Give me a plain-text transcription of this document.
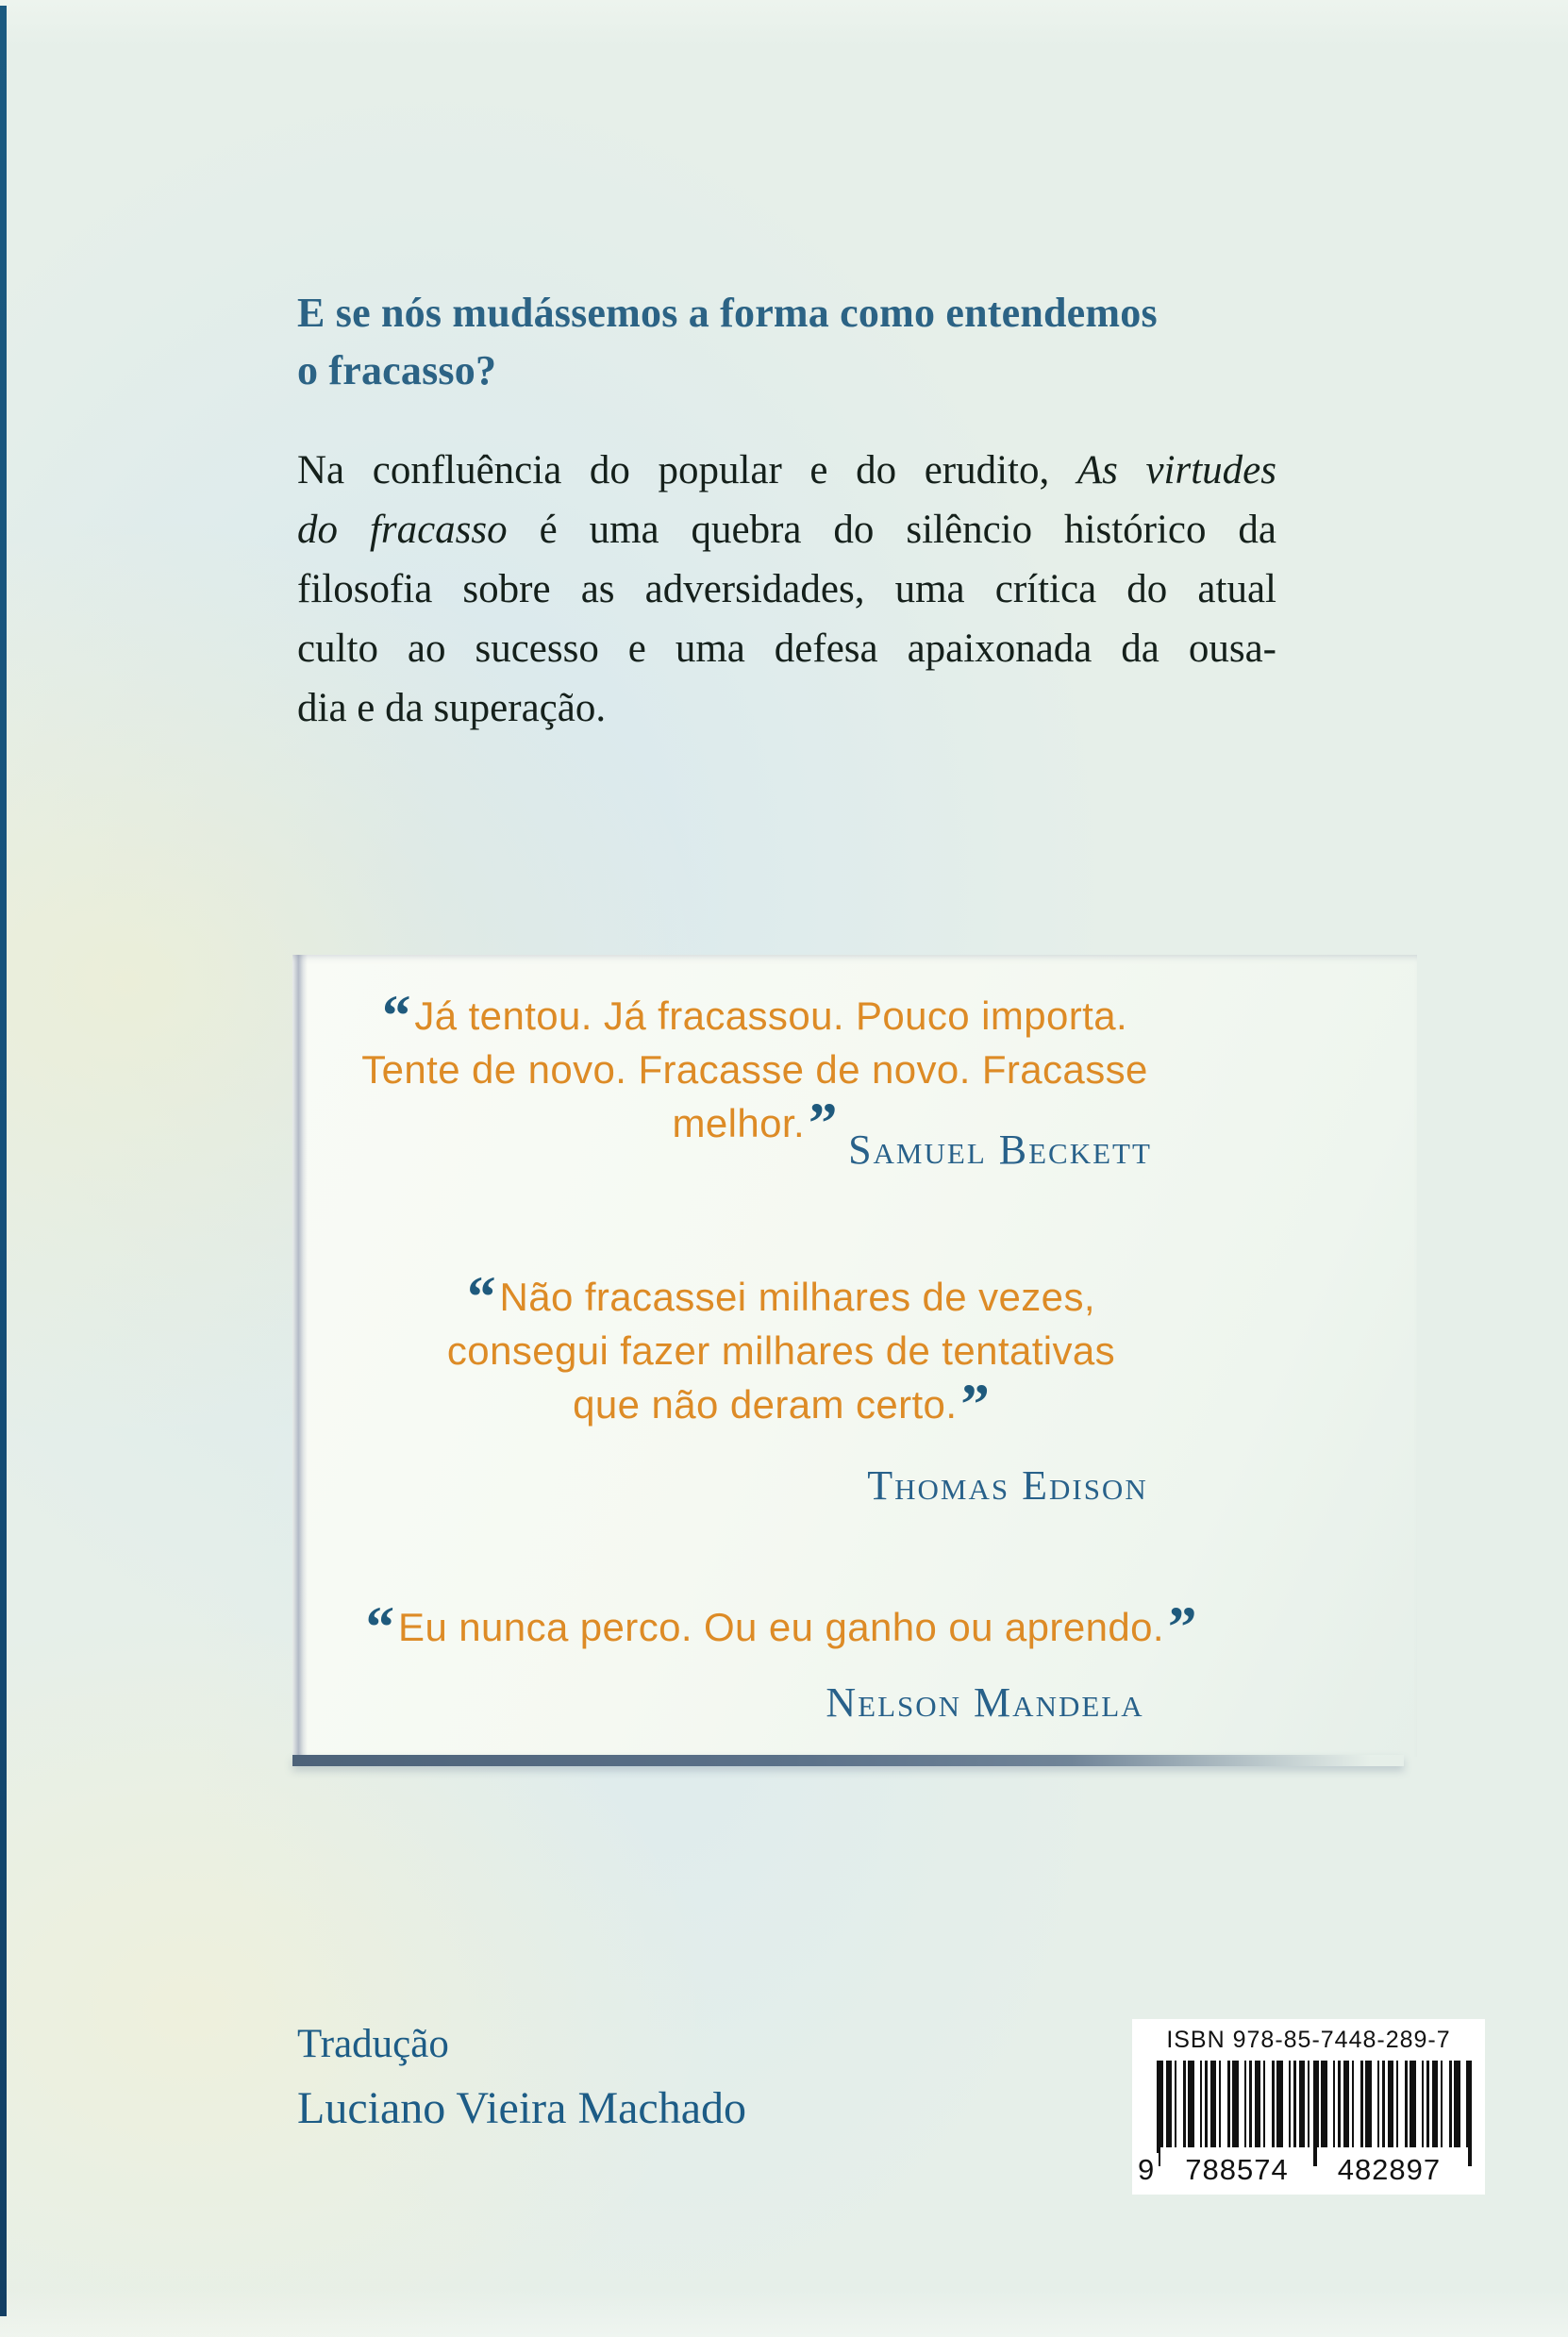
E se nós mudássemos a forma como entendemos
o fracasso?
Na confluência do popular e do erudito, As virtudes
do fracasso é uma quebra do silêncio histórico da
filosofia sobre as adversidades, uma crítica do atual
culto ao sucesso e uma defesa apaixonada da ousa-
dia e da superação.
“Já tentou. Já fracassou. Pouco importa.
Tente de novo. Fracasse de novo. Fracasse melhor.” Samuel Beckett
“Não fracassei milhares de vezes,
consegui fazer milhares de tentativas
que não deram certo.”
Thomas Edison
“Eu nunca perco. Ou eu ganho ou aprendo.”
Nelson Mandela
Tradução
Luciano Vieira Machado
ISBN 978-85-7448-289-7
9 788574 482897
